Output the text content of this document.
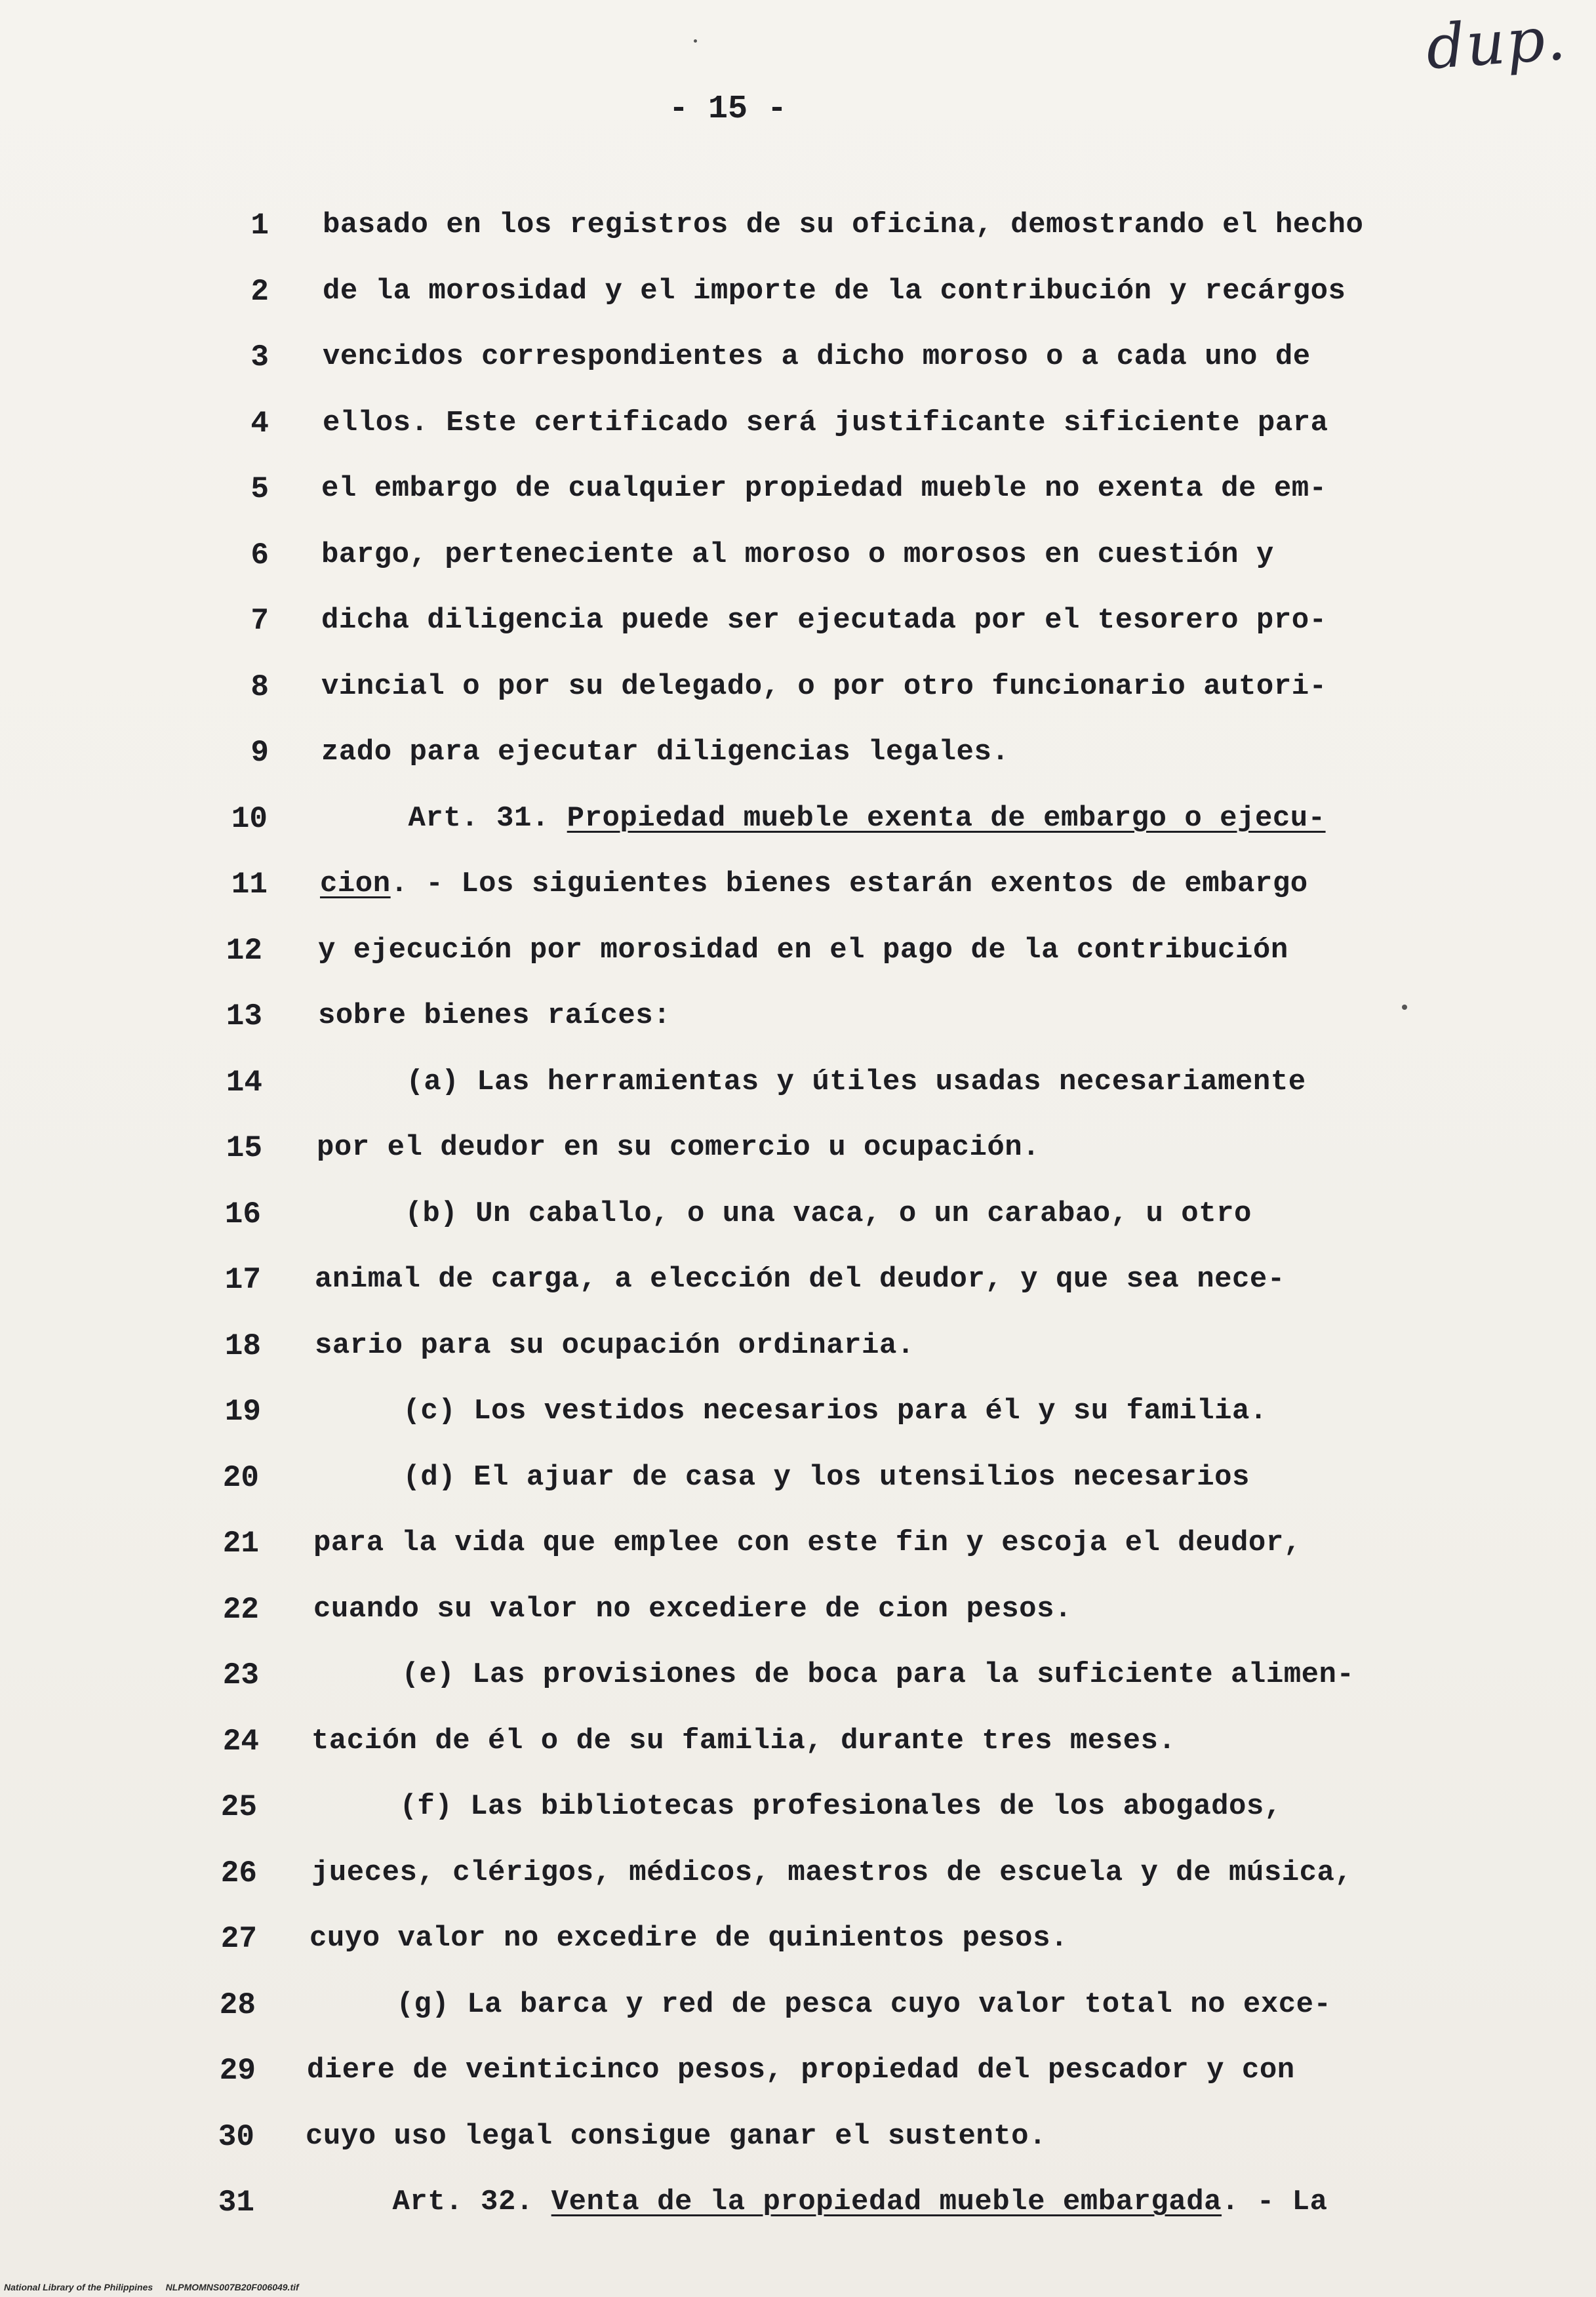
dup.
- 15 -
1 basado en los registros de su oficina, demostrando el hecho
2 de la morosidad y el importe de la contribución y recárgos
3 vencidos correspondientes a dicho moroso o a cada uno de
4 ellos. Este certificado será justificante sificiente para
5 el embargo de cualquier propiedad mueble no exenta de em-
6 bargo, perteneciente al moroso o morosos en cuestión y
7 dicha diligencia puede ser ejecutada por el tesorero pro-
8 vincial o por su delegado, o por otro funcionario autori-
9 zado para ejecutar diligencias legales.
10 Art. 31. Propiedad mueble exenta de embargo o ejecu-
11 cion. - Los siguientes bienes estarán exentos de embargo
12 y ejecución por morosidad en el pago de la contribución
13 sobre bienes raíces:
14 (a) Las herramientas y útiles usadas necesariamente
15 por el deudor en su comercio u ocupación.
16 (b) Un caballo, o una vaca, o un carabao, u otro
17 animal de carga, a elección del deudor, y que sea nece-
18 sario para su ocupación ordinaria.
19 (c) Los vestidos necesarios para él y su familia.
20 (d) El ajuar de casa y los utensilios necesarios
21 para la vida que emplee con este fin y escoja el deudor,
22 cuando su valor no excediere de cion pesos.
23 (e) Las provisiones de boca para la suficiente alimen-
24 tación de él o de su familia, durante tres meses.
25 (f) Las bibliotecas profesionales de los abogados,
26 jueces, clérigos, médicos, maestros de escuela y de música,
27 cuyo valor no excedire de quinientos pesos.
28 (g) La barca y red de pesca cuyo valor total no exce-
29 diere de veinticinco pesos, propiedad del pescador y con
30 cuyo uso legal consigue ganar el sustento.
31 Art. 32. Venta de la propiedad mueble embargada. - La
National Library of the Philippines     NLPMOMNS007B20F006049.tif
